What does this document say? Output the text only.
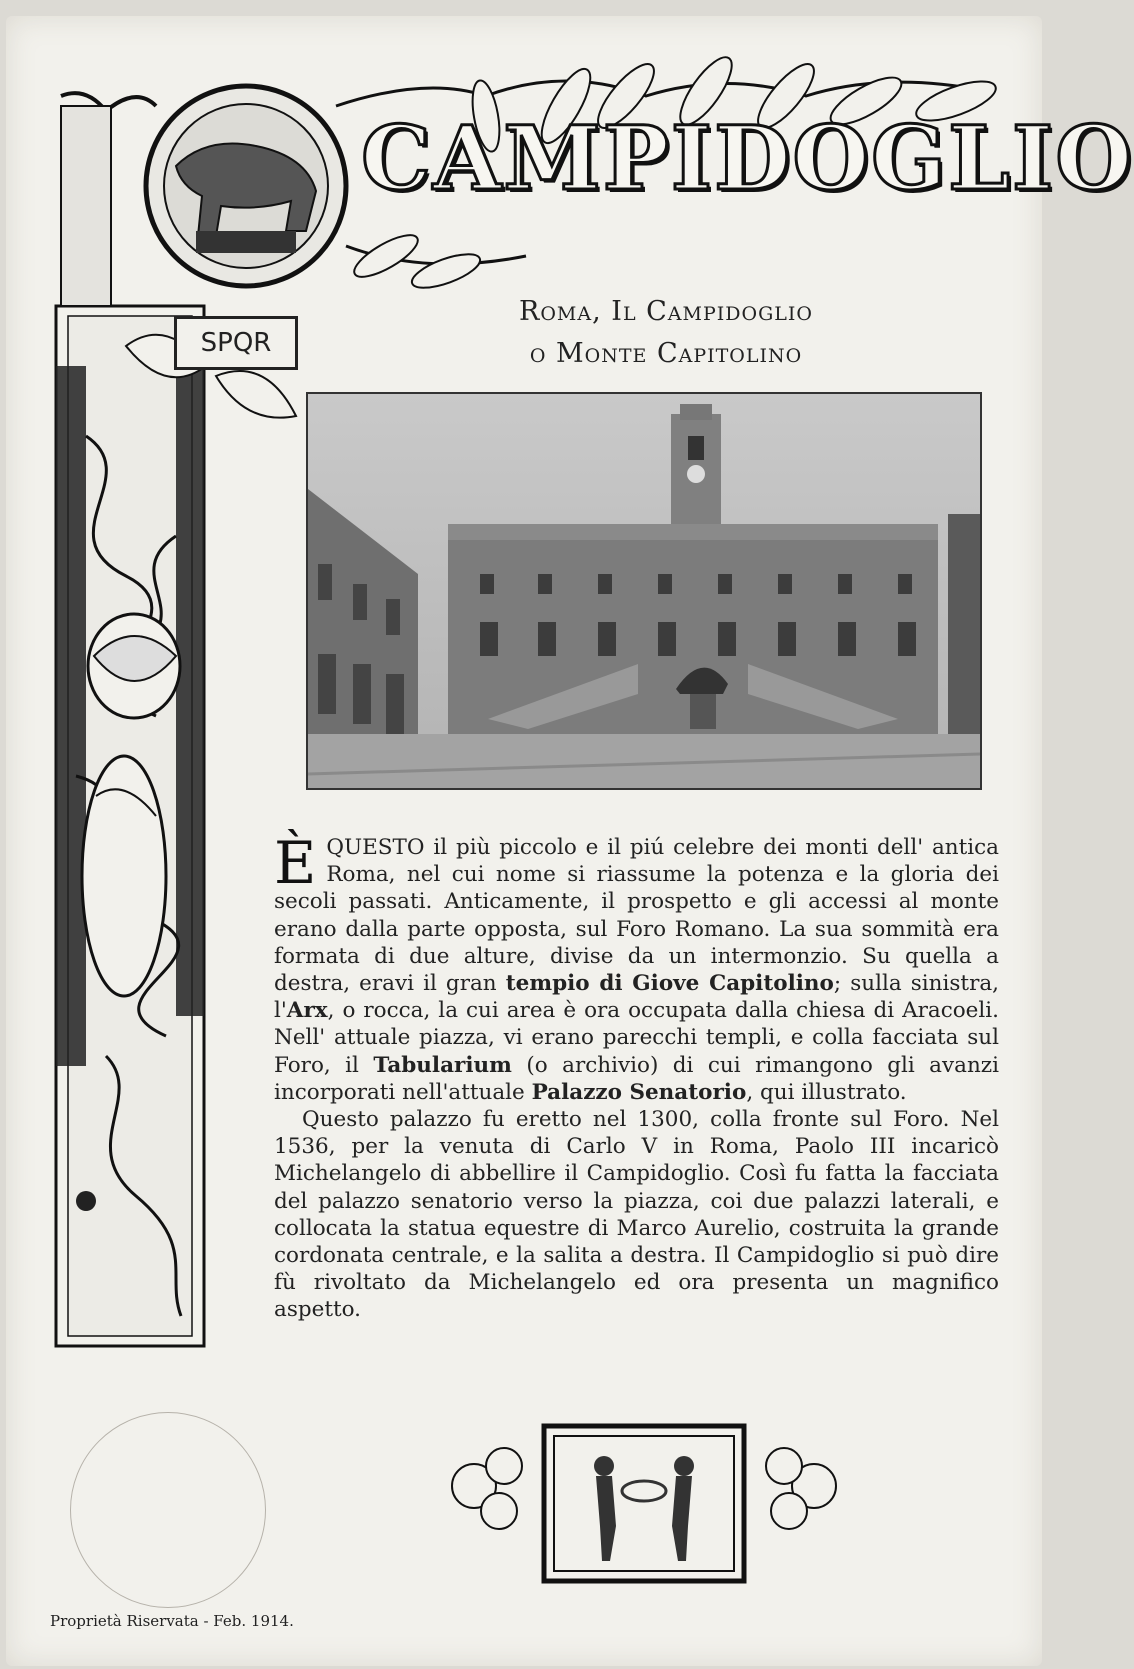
CAMPIDOGLIO
SPQR
Roma, Il Campidoglio
o Monte Capitolino

È QUESTO il più piccolo e il piú celebre dei monti dell' antica Roma, nel cui nome si riassume la potenza e la gloria dei secoli passati. Anticamente, il prospetto e gli accessi al monte erano dalla parte opposta, sul Foro Romano. La sua sommità era formata di due alture, divise da un intermonzio. Su quella a destra, eravi il gran tempio di Giove Capitolino; sulla sinistra, l'Arx, o rocca, la cui area è ora occupata dalla chiesa di Aracoeli. Nell' attuale piazza, vi erano parecchi templi, e colla facciata sul Foro, il Tabularium (o archivio) di cui rimangono gli avanzi incorporati nell'attuale Palazzo Senatorio, qui illustrato.

Questo palazzo fu eretto nel 1300, colla fronte sul Foro. Nel 1536, per la venuta di Carlo V in Roma, Paolo III incaricò Michelangelo di abbellire il Campidoglio. Così fu fatta la facciata del palazzo senatorio verso la piazza, coi due palazzi laterali, e collocata la statua equestre di Marco Aurelio, costruita la grande cordonata centrale, e la salita a destra. Il Campidoglio si può dire fù rivoltato da Michelangelo ed ora presenta un magnifico aspetto.

Proprietà Riservata - Feb. 1914.
